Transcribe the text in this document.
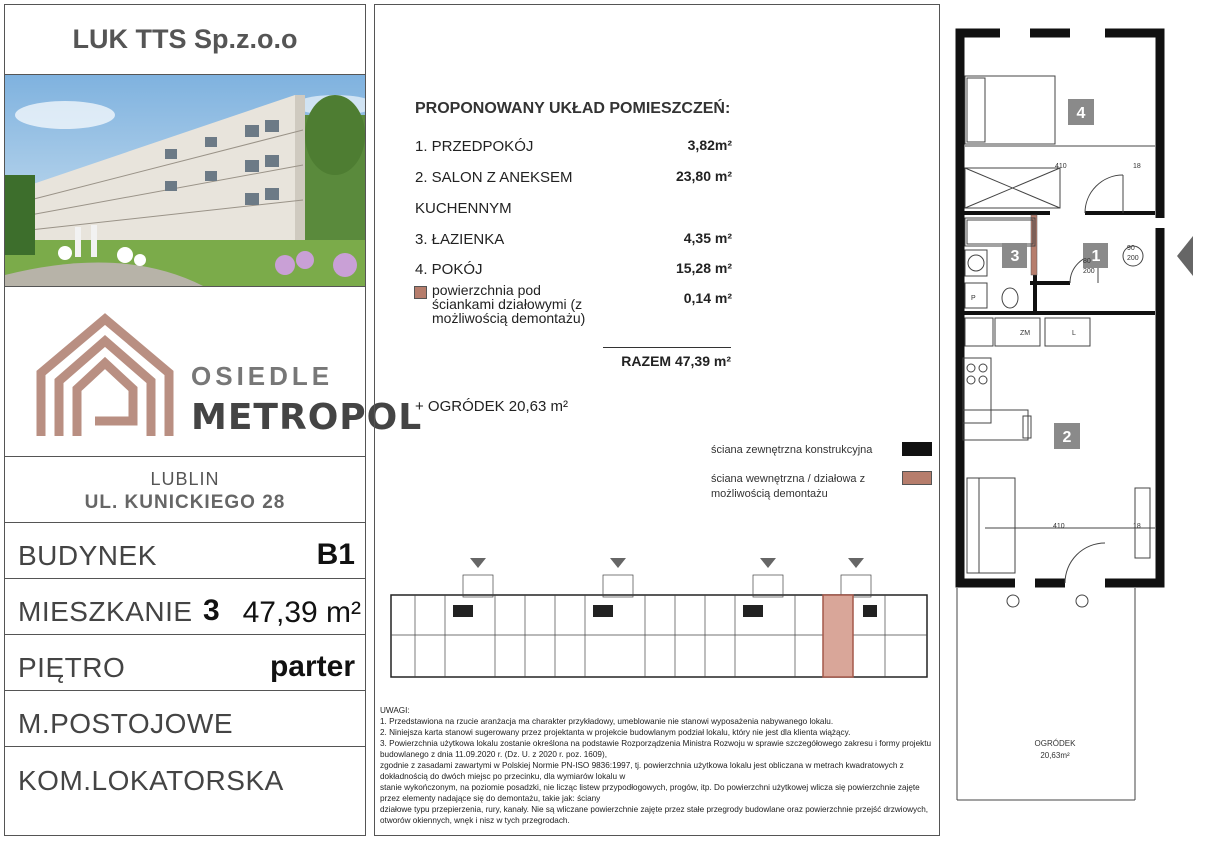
LUK TTS Sp.z.o.o
OSIEDLE
METROPOL
LUBLIN
UL. KUNICKIEGO 28
BUDYNEK	B1
MIESZKANIE 3 47,39 m²
PIĘTRO	parter
M.POSTOJOWE
KOM.LOKATORSKA
PROPONOWANY UKŁAD POMIESZCZEŃ:
1. PRZEDPOKÓJ	3,82m²
2. SALON Z ANEKSEM	23,80 m²
KUCHENNYM
3. ŁAZIENKA	4,35 m²
4. POKÓJ	15,28 m²
powierzchnia pod ściankami działowymi (z możliwością demontażu)
0,14 m²
RAZEM 47,39 m²
+ OGRÓDEK 20,63 m²
ściana zewnętrzna konstrukcyjna
ściana wewnętrzna / działowa z możliwością demontażu
UWAGI:
1. Przedstawiona na rzucie aranżacja ma charakter przykładowy, umeblowanie nie stanowi wyposażenia nabywanego lokalu.
2. Niniejsza karta stanowi sugerowany przez projektanta w projekcie budowlanym podział lokalu, który nie jest dla klienta wiążący.
3. Powierzchnia użytkowa lokalu zostanie określona na podstawie Rozporządzenia Ministra Rozwoju w sprawie szczegółowego zakresu i formy projektu budowlanego z dnia 11.09.2020 r. (Dz. U. z 2020 r. poz. 1609),
zgodnie z zasadami zawartymi w Polskiej Normie PN-ISO 9836:1997, tj. powierzchnia użytkowa lokalu jest obliczana w metrach kwadratowych z dokładnością do dwóch miejsc po przecinku, dla wymiarów lokalu w
stanie wykończonym, na poziomie posadzki, nie licząc listew przypodłogowych, progów, itp. Do powierzchni użytkowej wlicza się powierzchnie zajęte przez elementy nadające się do demontażu, takie jak: ściany
działowe typu przepierzenia, rury, kanały. Nie są wliczane powierzchnie zajęte przez stałe przegrody budowlane oraz powierzchnie przejść drzwiowych, otworów okiennych, wnęk i nisz w tych przegrodach.
4
3	1
2
410	18
80
200
90
200
410	18
ZM	L
P
OGRÓDEK
20,63m²
